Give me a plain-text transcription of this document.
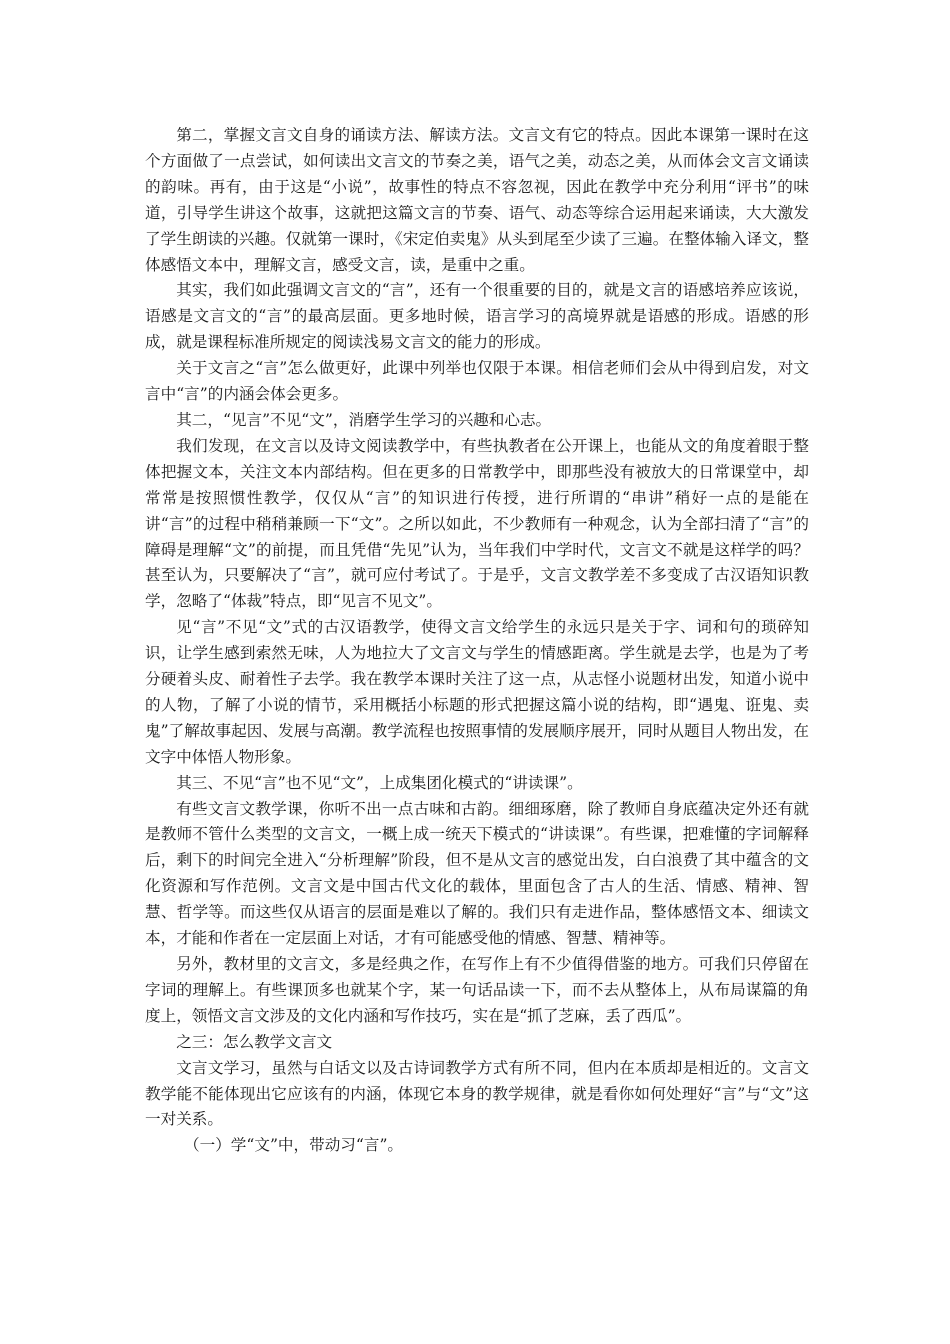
第二，掌握文言文自身的诵读方法、解读方法。文言文有它的特点。因此本课第一课时在这个方面做了一点尝试，如何读出文言文的节奏之美，语气之美，动态之美，从而体会文言文诵读的韵味。再有，由于这是“小说”，故事性的特点不容忽视，因此在教学中充分利用“评书”的味道，引导学生讲这个故事，这就把这篇文言的节奏、语气、动态等综合运用起来诵读，大大激发了学生朗读的兴趣。仅就第一课时，《宋定伯卖鬼》从头到尾至少读了三遍。在整体输入译文，整体感悟文本中，理解文言，感受文言，读，是重中之重。

其实，我们如此强调文言文的“言”，还有一个很重要的目的，就是文言的语感培养应该说，语感是文言文的“言”的最高层面。更多地时候，语言学习的高境界就是语感的形成。语感的形成，就是课程标准所规定的阅读浅易文言文的能力的形成。

关于文言之“言”怎么做更好，此课中列举也仅限于本课。相信老师们会从中得到启发，对文言中“言”的内涵会体会更多。

其二，“见言”不见“文”，消磨学生学习的兴趣和心志。

我们发现，在文言以及诗文阅读教学中，有些执教者在公开课上，也能从文的角度着眼于整体把握文本，关注文本内部结构。但在更多的日常教学中，即那些没有被放大的日常课堂中，却常常是按照惯性教学，仅仅从“言”的知识进行传授，进行所谓的“串讲”稍好一点的是能在讲“言”的过程中稍稍兼顾一下“文”。之所以如此，不少教师有一种观念，认为全部扫清了“言”的障碍是理解“文”的前提，而且凭借“先见”认为，当年我们中学时代，文言文不就是这样学的吗？甚至认为，只要解决了“言”，就可应付考试了。于是乎，文言文教学差不多变成了古汉语知识教学，忽略了“体裁”特点，即“见言不见文”。

见“言”不见“文”式的古汉语教学，使得文言文给学生的永远只是关于字、词和句的琐碎知识，让学生感到索然无味，人为地拉大了文言文与学生的情感距离。学生就是去学，也是为了考分硬着头皮、耐着性子去学。我在教学本课时关注了这一点，从志怪小说题材出发，知道小说中的人物，了解了小说的情节，采用概括小标题的形式把握这篇小说的结构，即“遇鬼、诳鬼、卖鬼”了解故事起因、发展与高潮。教学流程也按照事情的发展顺序展开，同时从题目人物出发，在文字中体悟人物形象。

其三、不见“言”也不见“文”，上成集团化模式的“讲读课”。

有些文言文教学课，你听不出一点古味和古韵。细细琢磨，除了教师自身底蕴决定外还有就是教师不管什么类型的文言文，一概上成一统天下模式的“讲读课”。有些课，把难懂的字词解释后，剩下的时间完全进入“分析理解”阶段，但不是从文言的感觉出发，白白浪费了其中蕴含的文化资源和写作范例。文言文是中国古代文化的载体，里面包含了古人的生活、情感、精神、智慧、哲学等。而这些仅从语言的层面是难以了解的。我们只有走进作品，整体感悟文本、细读文本，才能和作者在一定层面上对话，才有可能感受他的情感、智慧、精神等。

另外，教材里的文言文，多是经典之作，在写作上有不少值得借鉴的地方。可我们只停留在字词的理解上。有些课顶多也就某个字，某一句话品读一下，而不去从整体上，从布局谋篇的角度上，领悟文言文涉及的文化内涵和写作技巧，实在是“抓了芝麻，丢了西瓜”。

之三：怎么教学文言文

文言文学习，虽然与白话文以及古诗词教学方式有所不同，但内在本质却是相近的。文言文教学能不能体现出它应该有的内涵，体现它本身的教学规律，就是看你如何处理好“言”与“文”这一对关系。

（一）学“文”中，带动习“言”。
